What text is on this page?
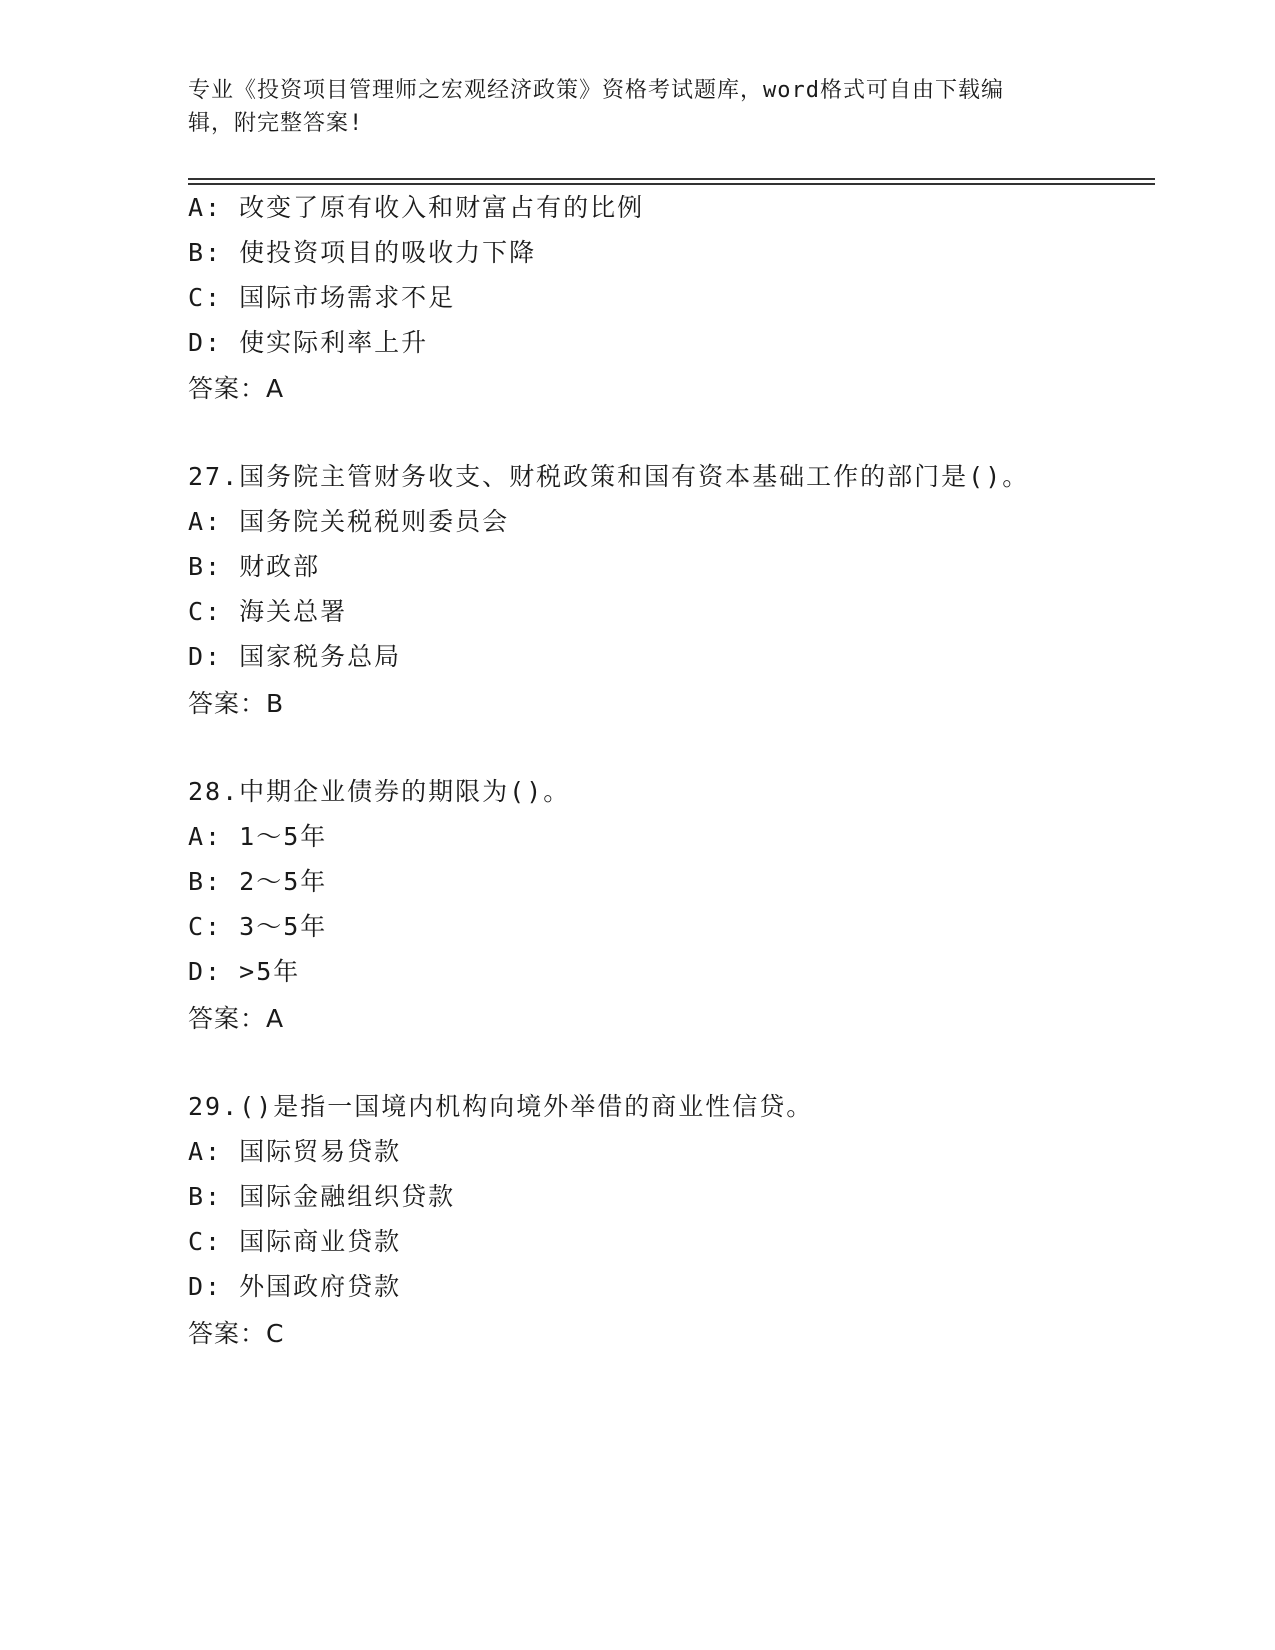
专业《投资项目管理师之宏观经济政策》资格考试题库，word格式可自由下载编
辑，附完整答案!
A: 改变了原有收入和财富占有的比例
B: 使投资项目的吸收力下降
C: 国际市场需求不足
D: 使实际利率上升
答案：A
27.国务院主管财务收支、财税政策和国有资本基础工作的部门是()。
A: 国务院关税税则委员会
B: 财政部
C: 海关总署
D: 国家税务总局
答案：B
28.中期企业债券的期限为()。
A: 1～5年
B: 2～5年
C: 3～5年
D: >5年
答案：A
29.()是指一国境内机构向境外举借的商业性信贷。
A: 国际贸易贷款
B: 国际金融组织贷款
C: 国际商业贷款
D: 外国政府贷款
答案：C
